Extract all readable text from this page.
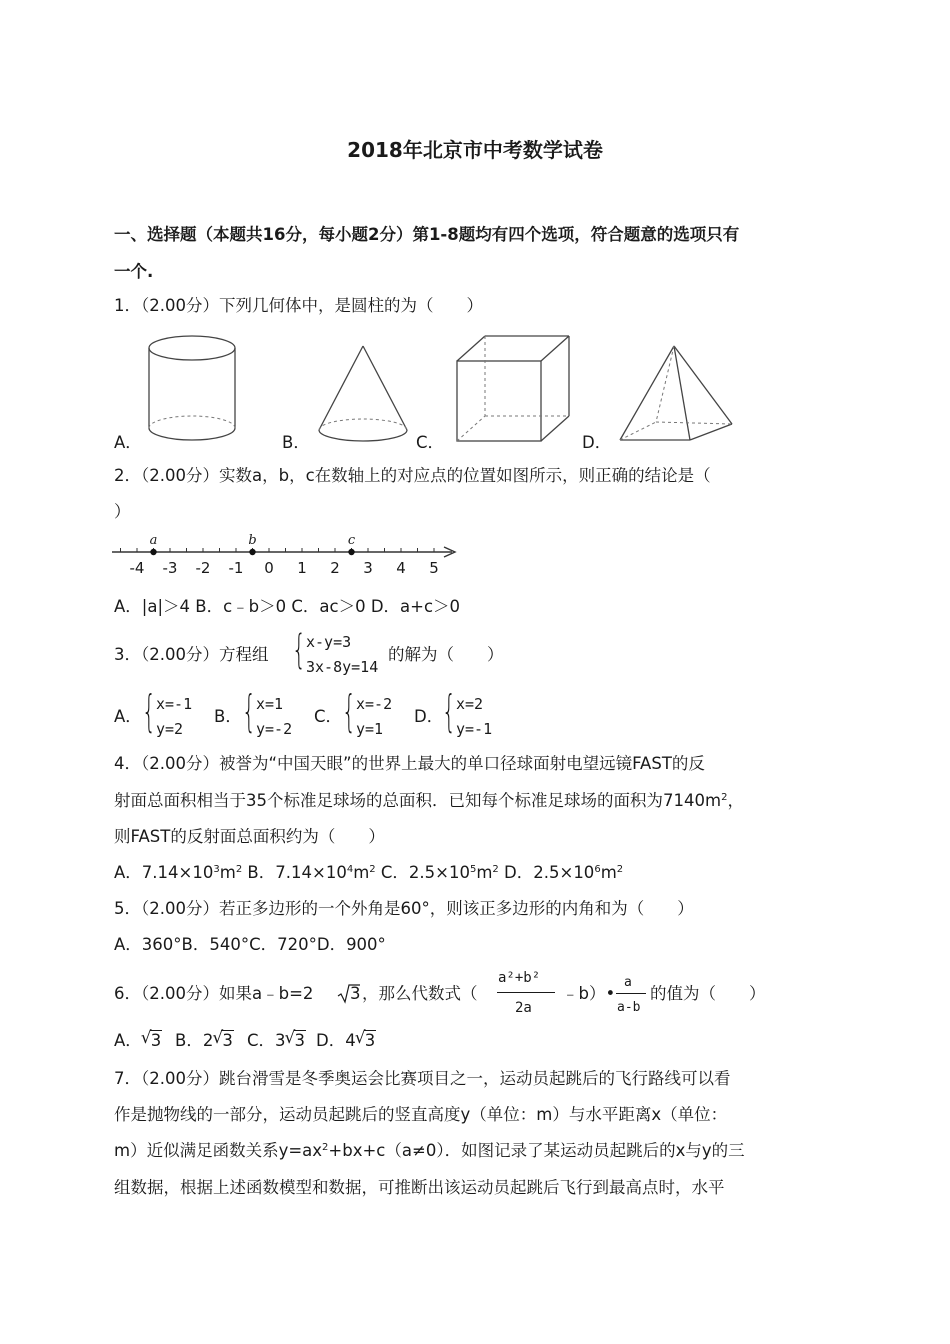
2018年北京市中考数学试卷
一、选择题（本题共16分，每小题2分）第1-8题均有四个选项，符合题意的选项只有
一个.
1．（2.00分）下列几何体中，是圆柱的为（　　）
A．	B．	C．	D．
2．（2.00分）实数a，b，c在数轴上的对应点的位置如图所示，则正确的结论是（
）
-4 -3 -2 -1 0 1 2 3 4 5
a	b	c
A．|a|＞4 B．c﹣b＞0 C．ac＞0 D．a+c＞0
3．（2.00分）方程组 { x-y=3
3x-8y=14
的解为（　　）
A． { x=-1
y=2
B． { x=1
y=-2
C． { x=-2
y=1
D．
{ x=2
y=-1
4．（2.00分）被誉为“中国天眼”的世界上最大的单口径球面射电望远镜FAST的反
射面总面积相当于35个标准足球场的总面积．已知每个标准足球场的面积为$7140m^2$，
则FAST的反射面总面积约为（　　）
A．$7.14\times 10^3m^2$ B．$7.14\times 10^4m^2$ C．$2.5\times 10^5m^2$ D．$2.5\times 10^6m^2$
5．（2.00分）若正多边形的一个外角是60°，则该正多边形的内角和为（　　）
A．360°B．540°C．720°D．900°
6．（2.00分）如果a﹣b=2 3 ，那么代数式（
a²+b²
2a
﹣b）•
a
a-b
的值为（　　）
A． √ 3 B．2 √ 3 C．3 √ 3 D．4 √ 3
7．（2.00分）跳台滑雪是冬季奥运会比赛项目之一，运动员起跳后的飞行路线可以看
作是抛物线的一部分，运动员起跳后的竖直高度y（单位：m）与水平距离x（单位：
m）近似满足函数关系$y=ax^2+bx+c(a\ne 0)$．如图记录了某运动员起跳后的x与y的三
组数据，根据上述函数模型和数据，可推断出该运动员起跳后飞行到最高点时，水平
